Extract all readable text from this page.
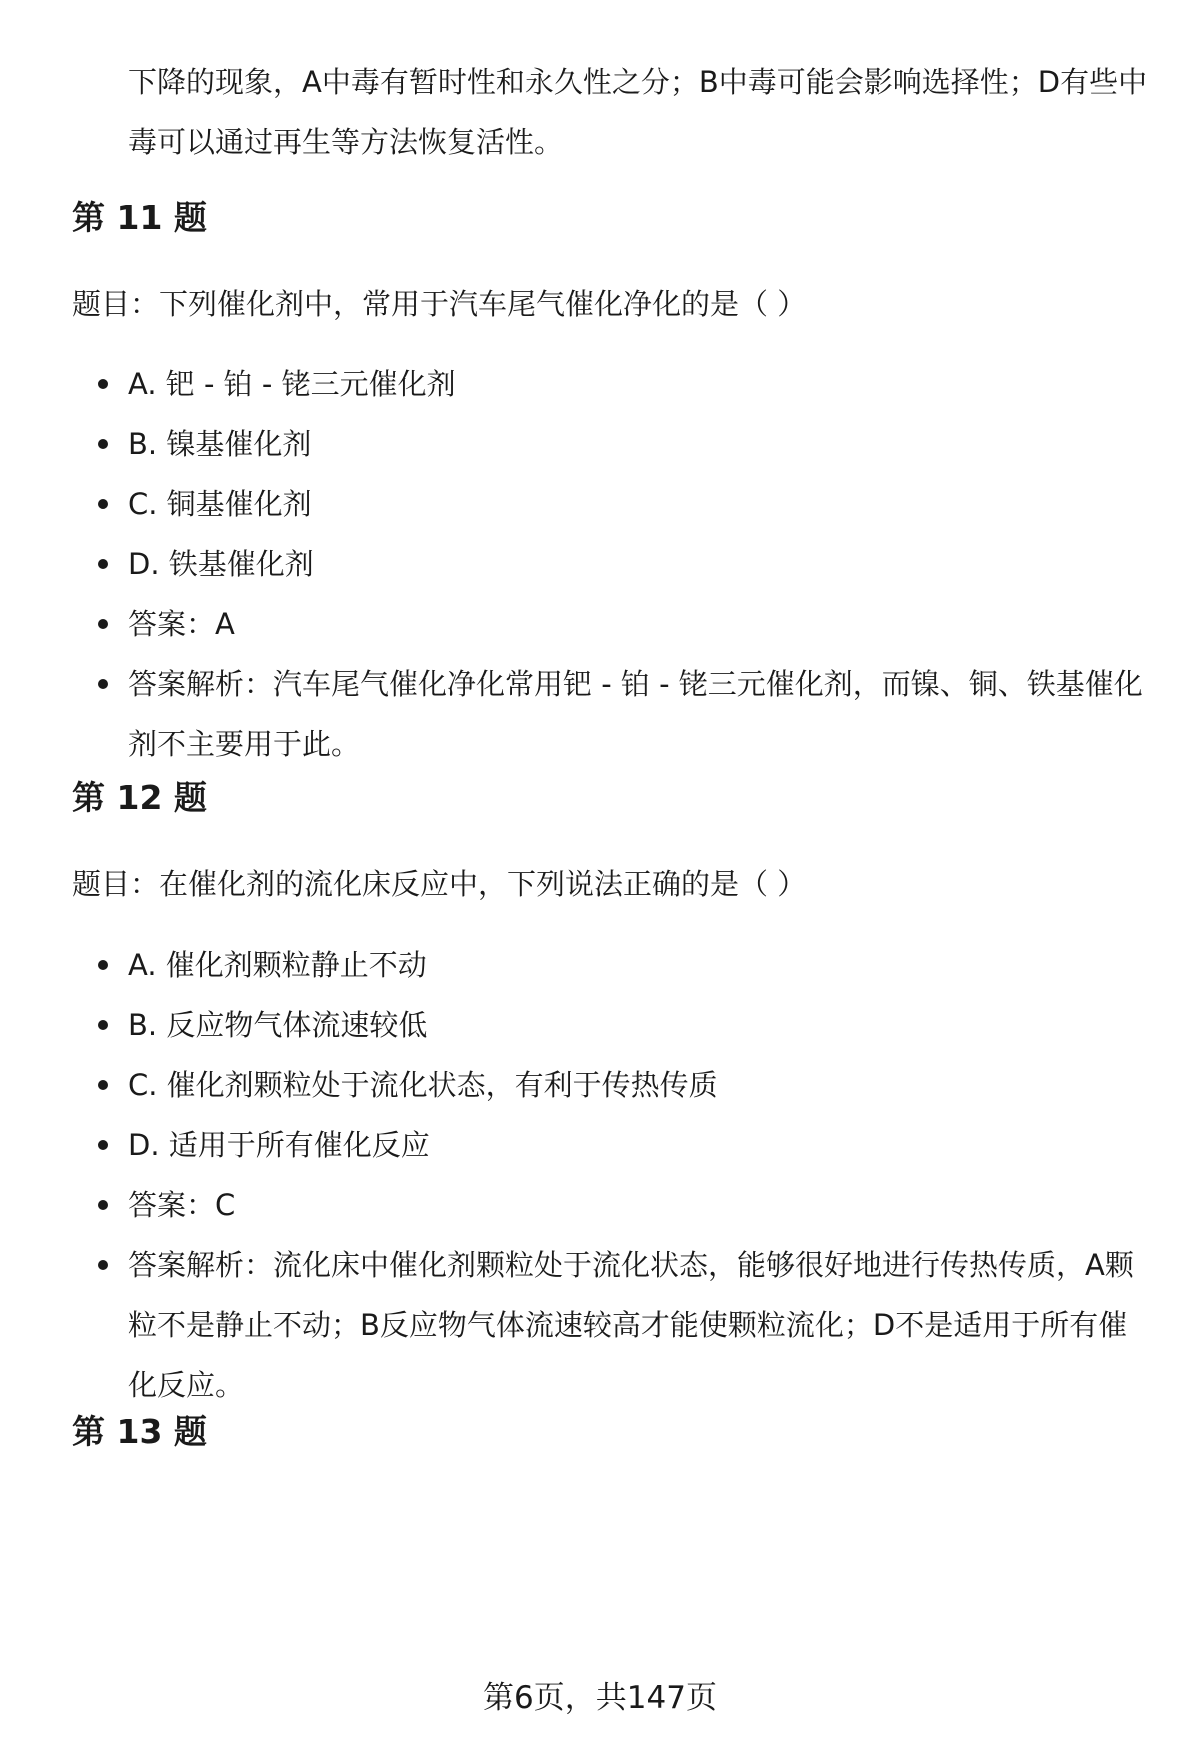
下降的现象，A中毒有暂时性和永久性之分；B中毒可能会影响选择性；D有些中毒可以通过再生等方法恢复活性。
第 11 题

题目：下列催化剂中，常用于汽车尾气催化净化的是（ ）

A. 钯 - 铂 - 铑三元催化剂
B. 镍基催化剂
C. 铜基催化剂
D. 铁基催化剂
答案：A
答案解析：汽车尾气催化净化常用钯 - 铂 - 铑三元催化剂，而镍、铜、铁基催化剂不主要用于此。
第 12 题

题目：在催化剂的流化床反应中，下列说法正确的是（ ）

A. 催化剂颗粒静止不动
B. 反应物气体流速较低
C. 催化剂颗粒处于流化状态，有利于传热传质
D. 适用于所有催化反应
答案：C
答案解析：流化床中催化剂颗粒处于流化状态，能够很好地进行传热传质，A颗粒不是静止不动；B反应物气体流速较高才能使颗粒流化；D不是适用于所有催化反应。
第 13 题
第6页，共147页
